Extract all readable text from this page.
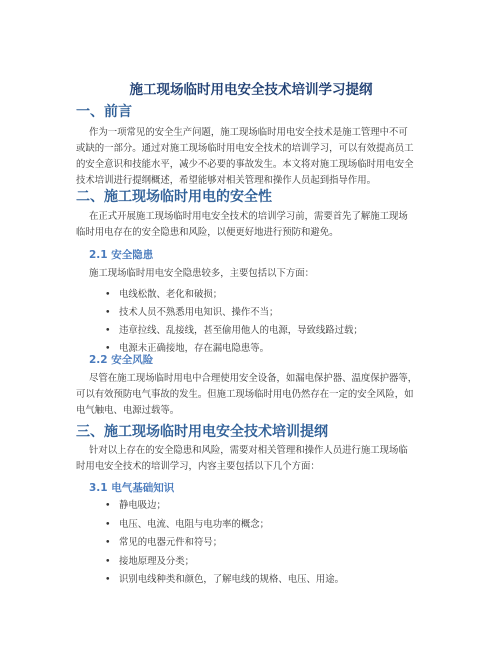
施工现场临时用电安全技术培训学习提纲
一、前言
作为一项常见的安全生产问题，施工现场临时用电安全技术是施工管理中不可
或缺的一部分。通过对施工现场临时用电安全技术的培训学习，可以有效提高员工
的安全意识和技能水平，减少不必要的事故发生。本文将对施工现场临时用电安全
技术培训进行提纲概述，希望能够对相关管理和操作人员起到指导作用。
二、施工现场临时用电的安全性
在正式开展施工现场临时用电安全技术的培训学习前，需要首先了解施工现场
临时用电存在的安全隐患和风险，以便更好地进行预防和避免。
2.1 安全隐患
施工现场临时用电安全隐患较多，主要包括以下方面：
• 电线松散、老化和破损；
• 技术人员不熟悉用电知识、操作不当；
• 违章拉线、乱接线，甚至偷用他人的电源，导致线路过载；
• 电源未正确接地，存在漏电隐患等。
2.2 安全风险
尽管在施工现场临时用电中合理使用安全设备，如漏电保护器、温度保护器等，
可以有效预防电气事故的发生。但施工现场临时用电仍然存在一定的安全风险，如
电气触电、电源过载等。
三、施工现场临时用电安全技术培训提纲
针对以上存在的安全隐患和风险，需要对相关管理和操作人员进行施工现场临
时用电安全技术的培训学习，内容主要包括以下几个方面：
3.1 电气基础知识
• 静电吸边；
• 电压、电流、电阻与电功率的概念；
• 常见的电器元件和符号；
• 接地原理及分类；
• 识别电线种类和颜色，了解电线的规格、电压、用途。
